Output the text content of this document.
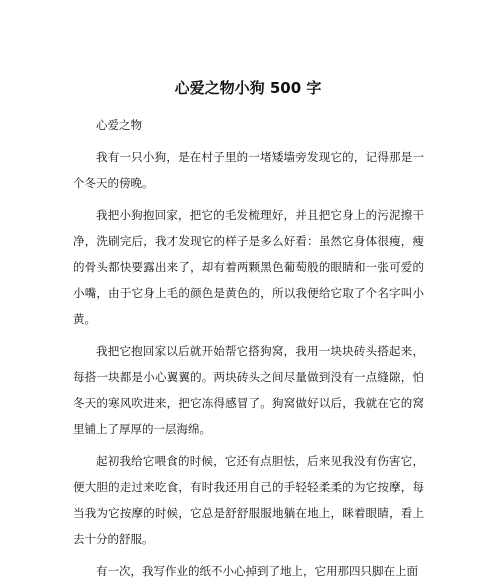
心爱之物小狗 500 字

心爱之物

我有一只小狗，是在村子里的一堵矮墙旁发现它的，记得那是一个冬天的傍晚。

我把小狗抱回家，把它的毛发梳理好，并且把它身上的污泥擦干净，洗刷完后，我才发现它的样子是多么好看：虽然它身体很瘦，瘦的骨头都快要露出来了，却有着两颗黑色葡萄般的眼睛和一张可爱的小嘴，由于它身上毛的颜色是黄色的，所以我便给它取了个名字叫小黄。

我把它抱回家以后就开始帮它搭狗窝，我用一块块砖头搭起来，每搭一块都是小心翼翼的。两块砖头之间尽量做到没有一点缝隙，怕冬天的寒风吹进来，把它冻得感冒了。狗窝做好以后，我就在它的窝里铺上了厚厚的一层海绵。

起初我给它喂食的时候，它还有点胆怯，后来见我没有伤害它，便大胆的走过来吃食，有时我还用自己的手轻轻柔柔的为它按摩，每当我为它按摩的时候，它总是舒舒服服地躺在地上，眯着眼睛，看上去十分的舒服。

有一次，我写作业的纸不小心掉到了地上，它用那四只脚在上面
